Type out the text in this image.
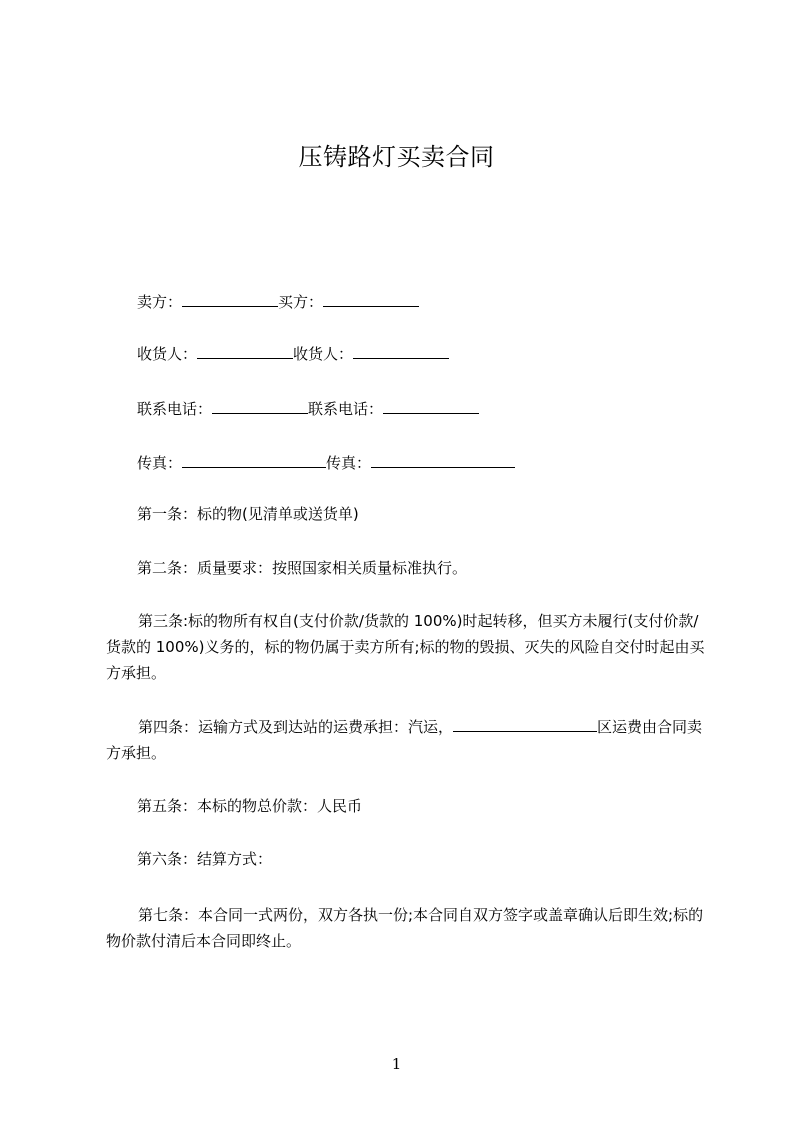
压铸路灯买卖合同
卖方：	买方：
收货人：	收货人：
联系电话：	联系电话：
传真：	传真：
第一条：标的物(见清单或送货单)
第二条：质量要求：按照国家相关质量标准执行。
第三条:标的物所有权自(支付价款/货款的 100%)时起转移，但买方未履行(支付价款/货款的 100%)义务的，标的物仍属于卖方所有;标的物的毁损、灭失的风险自交付时起由买方承担。
第四条：运输方式及到达站的运费承担：汽运，	区运费由合同卖方承担。
第五条：本标的物总价款：人民币
第六条：结算方式：
第七条：本合同一式两份，双方各执一份;本合同自双方签字或盖章确认后即生效;标的物价款付清后本合同即终止。
1
